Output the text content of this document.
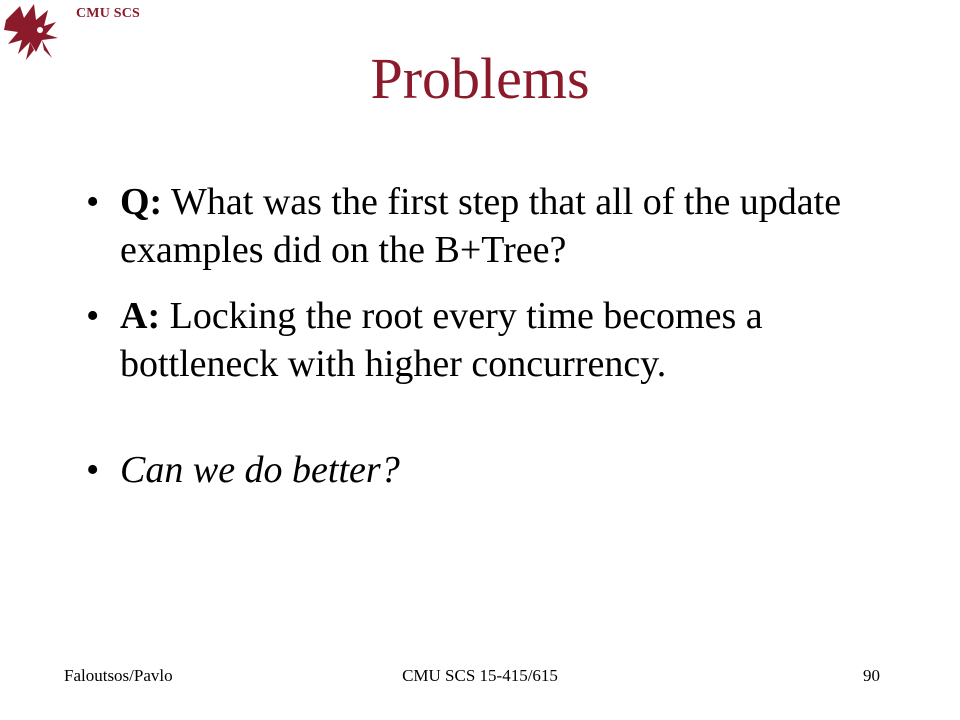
CMU SCS
Problems
• Q: What was the first step that all of the update examples did on the B+Tree?
• A: Locking the root every time becomes a bottleneck with higher concurrency.
• Can we do better?
Faloutsos/Pavlo	CMU SCS 15-415/615	90
